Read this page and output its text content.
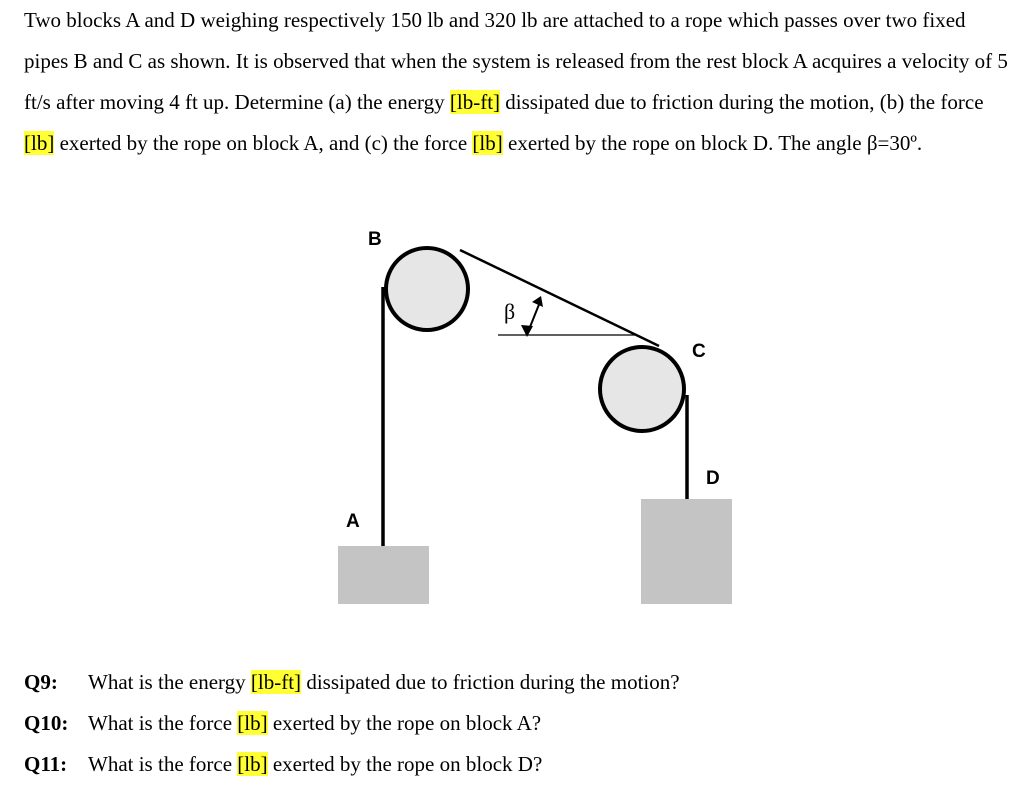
Two blocks A and D weighing respectively 150 lb and 320 lb are attached to a rope which passes over two fixed pipes B and C as shown. It is observed that when the system is released from the rest block A acquires a velocity of 5 ft/s after moving 4 ft up. Determine (a) the energy [lb-ft] dissipated due to friction during the motion, (b) the force [lb] exerted by the rope on block A, and (c) the force [lb] exerted by the rope on block D. The angle β=30º.

B
C
A
D
β
Q9: What is the energy [lb-ft] dissipated due to friction during the motion?
Q10: What is the force [lb] exerted by the rope on block A?
Q11: What is the force [lb] exerted by the rope on block D?
